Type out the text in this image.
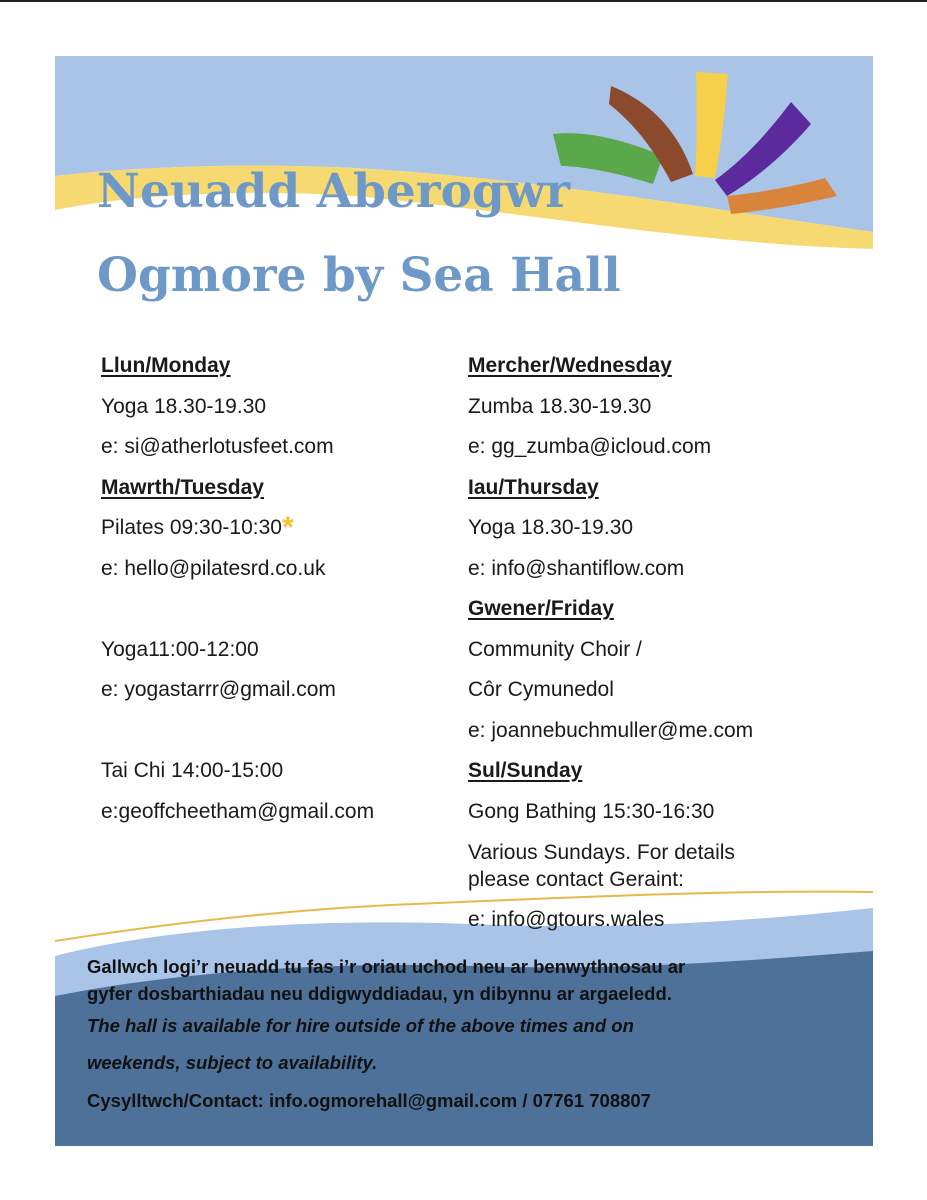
Neuadd Aberogwr
Ogmore by Sea Hall
Llun/Monday
Yoga 18.30-19.30
e: si@atherlotusfeet.com
Mawrth/Tuesday
Pilates 09:30-10:30*
e: hello@pilatesrd.co.uk
Yoga11:00-12:00
e: yogastarrr@gmail.com
Tai Chi 14:00-15:00
e:geoffcheetham@gmail.com
Mercher/Wednesday
Zumba 18.30-19.30
e: gg_zumba@icloud.com
Iau/Thursday
Yoga 18.30-19.30
e: info@shantiflow.com
Gwener/Friday
Community Choir /
Côr Cymunedol
e: joannebuchmuller@me.com
Sul/Sunday
Gong Bathing 15:30-16:30
Various Sundays. For details
please contact Geraint:
e: info@gtours.wales
Gallwch logi’r neuadd tu fas i’r oriau uchod neu ar benwythnosau ar
gyfer dosbarthiadau neu ddigwyddiadau, yn dibynnu ar argaeledd.
The hall is available for hire outside of the above times and on
weekends, subject to availability.
Cysylltwch/Contact: info.ogmorehall@gmail.com / 07761 708807
